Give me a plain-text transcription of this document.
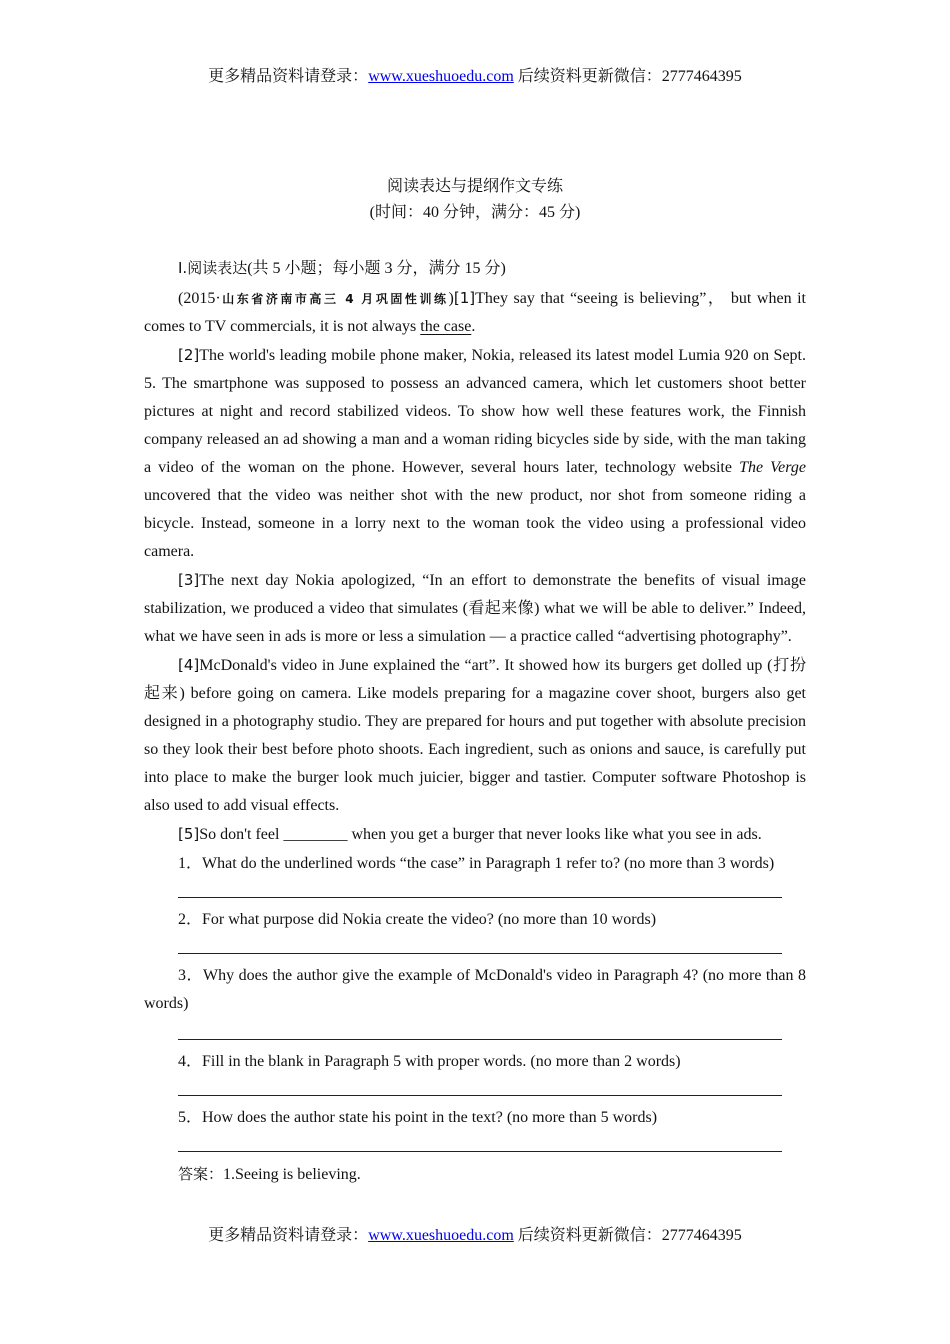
更多精品资料请登录：www.xueshuoedu.com 后续资料更新微信：2777464395
阅读表达与提纲作文专练
(时间：40 分钟，满分：45 分)

Ⅰ.阅读表达(共 5 小题；每小题 3 分，满分 15 分)

(2015·山东省济南市高三 4 月巩固性训练)[1]They say that “seeing is believing”， but when it comes to TV commercials, it is not always the case.

[2]The world's leading mobile phone maker, Nokia, released its latest model Lumia 920 on Sept. 5. The smartphone was supposed to possess an advanced camera, which let customers shoot better pictures at night and record stabilized videos. To show how well these features work, the Finnish company released an ad showing a man and a woman riding bicycles side by side, with the man taking a video of the woman on the phone. However, several hours later, technology website The Verge uncovered that the video was neither shot with the new product, nor shot from someone riding a bicycle. Instead, someone in a lorry next to the woman took the video using a professional video camera.

[3]The next day Nokia apologized, “In an effort to demonstrate the benefits of visual image stabilization, we produced a video that simulates (看起来像) what we will be able to deliver.” Indeed, what we have seen in ads is more or less a simulation — a practice called “advertising photography”.

[4]McDonald's video in June explained the “art”. It showed how its burgers get dolled up (打扮起来) before going on camera. Like models preparing for a magazine cover shoot, burgers also get designed in a photography studio. They are prepared for hours and put together with absolute precision so they look their best before photo shoots. Each ingredient, such as onions and sauce, is carefully put into place to make the burger look much juicier, bigger and tastier. Computer software Photoshop is also used to add visual effects.

[5]So don't feel ________ when you get a burger that never looks like what you see in ads.

1．What do the underlined words “the case” in Paragraph 1 refer to? (no more than 3 words)

2．For what purpose did Nokia create the video? (no more than 10 words)

3．Why does the author give the example of McDonald's video in Paragraph 4? (no more than 8 words)

4．Fill in the blank in Paragraph 5 with proper words. (no more than 2 words)

5．How does the author state his point in the text? (no more than 5 words)

答案：1.Seeing is believing.

更多精品资料请登录：www.xueshuoedu.com 后续资料更新微信：2777464395
